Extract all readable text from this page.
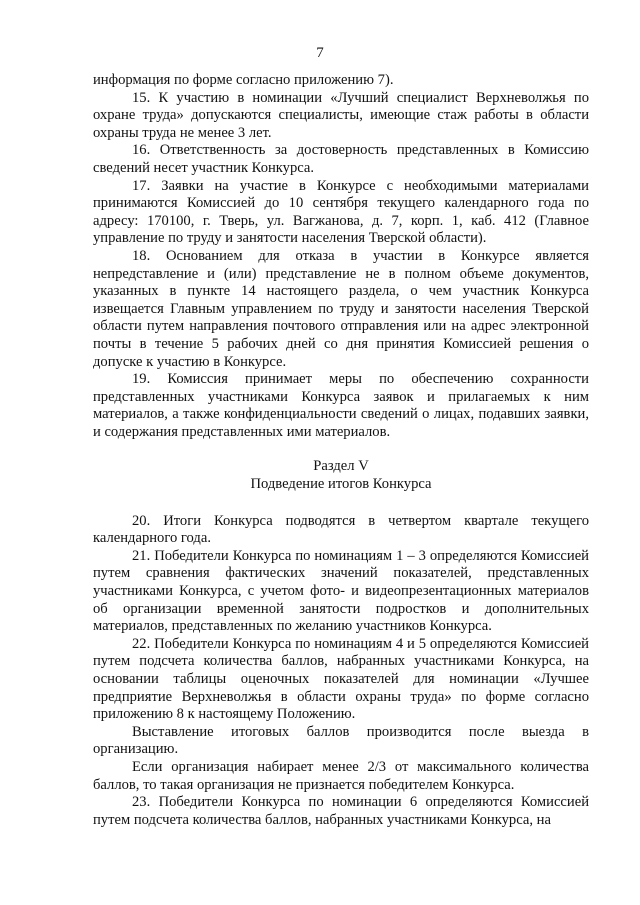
7

информация по форме согласно приложению 7).

15. К участию в номинации «Лучший специалист Верхневолжья по охране труда» допускаются специалисты, имеющие стаж работы в области охраны труда не менее 3 лет.

16. Ответственность за достоверность представленных в Комиссию сведений несет участник Конкурса.

17. Заявки на участие в Конкурсе с необходимыми материалами принимаются Комиссией до 10 сентября текущего календарного года по адресу: 170100, г. Тверь, ул. Вагжанова, д. 7, корп. 1, каб. 412 (Главное управление по труду и занятости населения Тверской области).

18. Основанием для отказа в участии в Конкурсе является непредставление и (или) представление не в полном объеме документов, указанных в пункте 14 настоящего раздела, о чем участник Конкурса извещается Главным управлением по труду и занятости населения Тверской области путем направления почтового отправления или на адрес электронной почты в течение 5 рабочих дней со дня принятия Комиссией решения о допуске к участию в Конкурсе.

19. Комиссия принимает меры по обеспечению сохранности представленных участниками Конкурса заявок и прилагаемых к ним материалов, а также конфиденциальности сведений о лицах, подавших заявки, и содержания представленных ими материалов.

Раздел V

Подведение итогов Конкурса

20. Итоги Конкурса подводятся в четвертом квартале текущего календарного года.

21. Победители Конкурса по номинациям 1 – 3 определяются Комиссией путем сравнения фактических значений показателей, представленных участниками Конкурса, с учетом фото- и видеопрезентационных материалов об организации временной занятости подростков и дополнительных материалов, представленных по желанию участников Конкурса.

22. Победители Конкурса по номинациям 4 и 5 определяются Комиссией путем подсчета количества баллов, набранных участниками Конкурса, на основании таблицы оценочных показателей для номинации «Лучшее предприятие Верхневолжья в области охраны труда» по форме согласно приложению 8 к настоящему Положению.

Выставление итоговых баллов производится после выезда в организацию.

Если организация набирает менее 2/3 от максимального количества баллов, то такая организация не признается победителем Конкурса.

23. Победители Конкурса по номинации 6 определяются Комиссией путем подсчета количества баллов, набранных участниками Конкурса, на
